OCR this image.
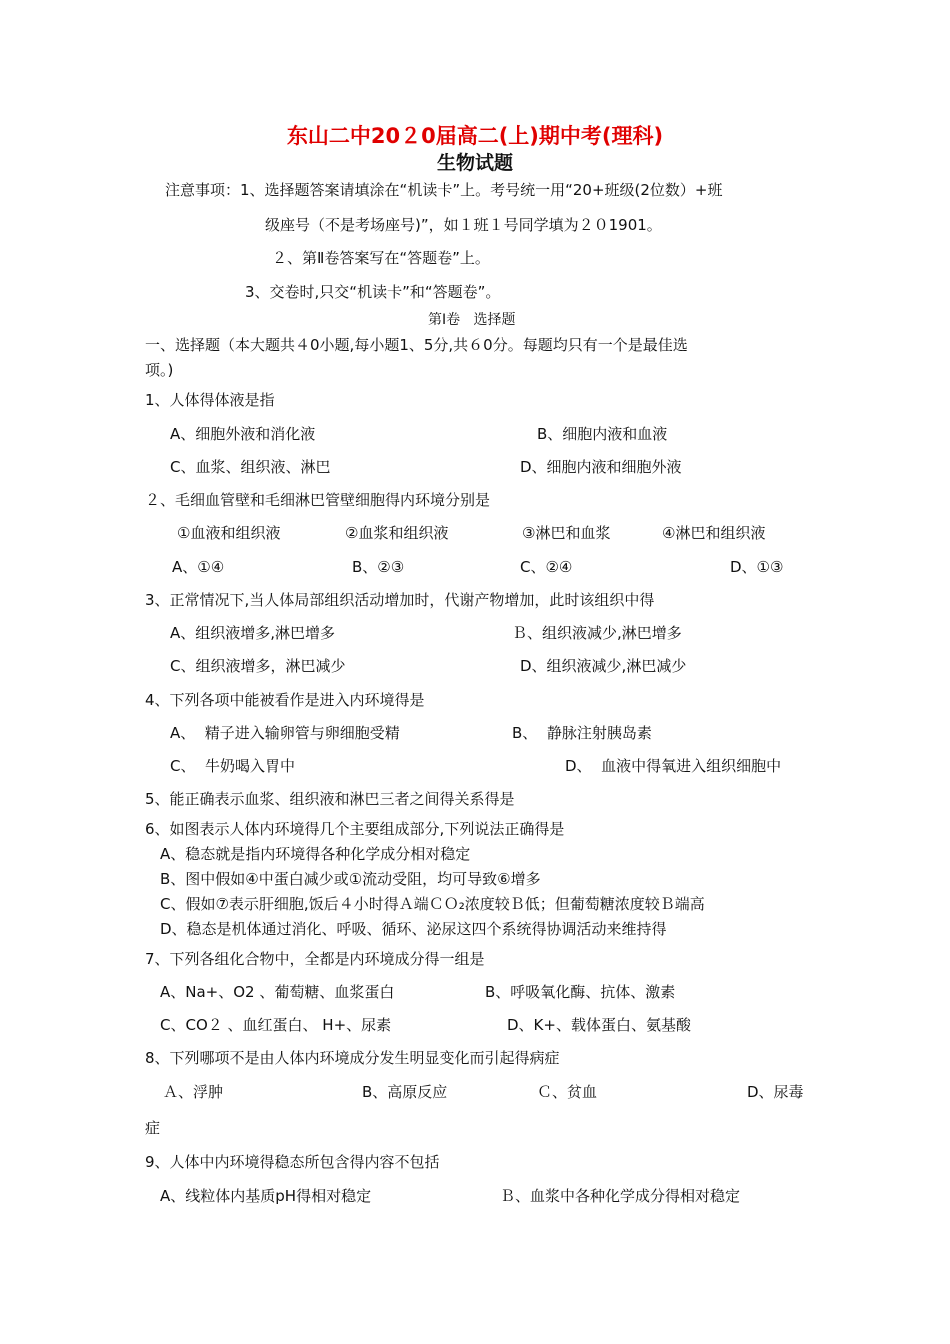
东山二中20２0届高二(上)期中考(理科)
生物试题
注意事项：1、选择题答案请填涂在“机读卡”上。考号统一用“20+班级(2位数）+班
级座号（不是考场座号)”，如１班１号同学填为２０1901。
２、第Ⅱ卷答案写在“答题卷”上。
3、交卷时,只交“机读卡”和“答题卷”。
第Ⅰ卷   选择题
一、选择题（本大题共４0小题,每小题1、5分,共６0分。每题均只有一个是最佳选
项。)
1、人体得体液是指
A、细胞外液和消化液	B、细胞内液和血液
C、血浆、组织液、淋巴	D、细胞内液和细胞外液
２、毛细血管壁和毛细淋巴管壁细胞得内环境分别是
①血液和组织液	②血浆和组织液	③淋巴和血浆	④淋巴和组织液
A、①④	B、②③	C、②④	D、①③
3、正常情况下,当人体局部组织活动增加时，代谢产物增加，此时该组织中得
A、组织液增多,淋巴增多	Ｂ、组织液减少,淋巴增多
C、组织液增多，淋巴减少	D、组织液减少,淋巴减少
4、下列各项中能被看作是进入内环境得是
A、  精子进入输卵管与卵细胞受精	B、  静脉注射胰岛素
C、  牛奶喝入胃中	D、  血液中得氧进入组织细胞中
5、能正确表示血浆、组织液和淋巴三者之间得关系得是
6、如图表示人体内环境得几个主要组成部分,下列说法正确得是
A、稳态就是指内环境得各种化学成分相对稳定
B、图中假如④中蛋白减少或①流动受阻，均可导致⑥增多
C、假如⑦表示肝细胞,饭后４小时得Ａ端ＣＯ₂浓度较Ｂ低；但葡萄糖浓度较Ｂ端高
D、稳态是机体通过消化、呼吸、循环、泌尿这四个系统得协调活动来维持得
7、下列各组化合物中，全都是内环境成分得一组是
A、Na+、O2 、葡萄糖、血浆蛋白	B、呼吸氧化酶、抗体、激素
C、CO２ 、血红蛋白、 H+、尿素	D、K+、载体蛋白、氨基酸
8、下列哪项不是由人体内环境成分发生明显变化而引起得病症
Ａ、浮肿	B、高原反应	Ｃ、贫血	D、尿毒
症
9、人体中内环境得稳态所包含得内容不包括
A、线粒体内基质pH得相对稳定	Ｂ、血浆中各种化学成分得相对稳定
